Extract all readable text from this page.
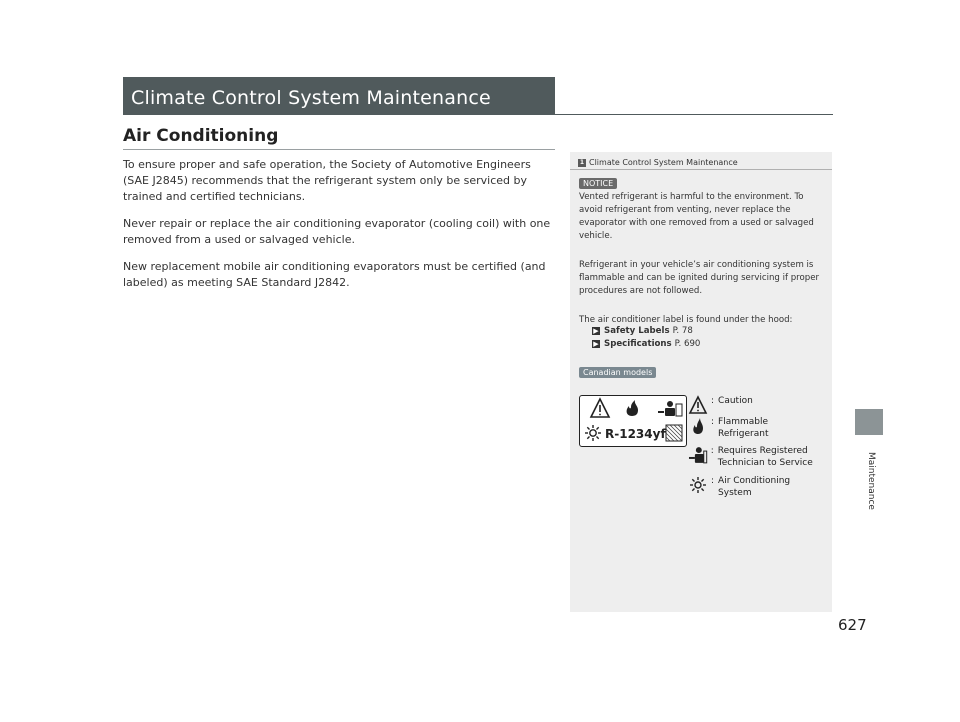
Climate Control System Maintenance
Air Conditioning

To ensure proper and safe operation, the Society of Automotive Engineers (SAE J2845) recommends that the refrigerant system only be serviced by trained and certified technicians.

Never repair or replace the air conditioning evaporator (cooling coil) with one removed from a used or salvaged vehicle.

New replacement mobile air conditioning evaporators must be certified (and labeled) as meeting SAE Standard J2842.

1 Climate Control System Maintenance
NOTICE
Vented refrigerant is harmful to the environment. To avoid refrigerant from venting, never replace the evaporator with one removed from a used or salvaged vehicle.
Refrigerant in your vehicle’s air conditioning system is flammable and can be ignited during servicing if proper procedures are not followed.
The air conditioner label is found under the hood:
▶ Safety Labels P. 78
▶ Specifications P. 690
Canadian models
R-1234yf
: Caution
: Flammable Refrigerant
: Requires Registered Technician to Service
: Air Conditioning System
627
Maintenance
